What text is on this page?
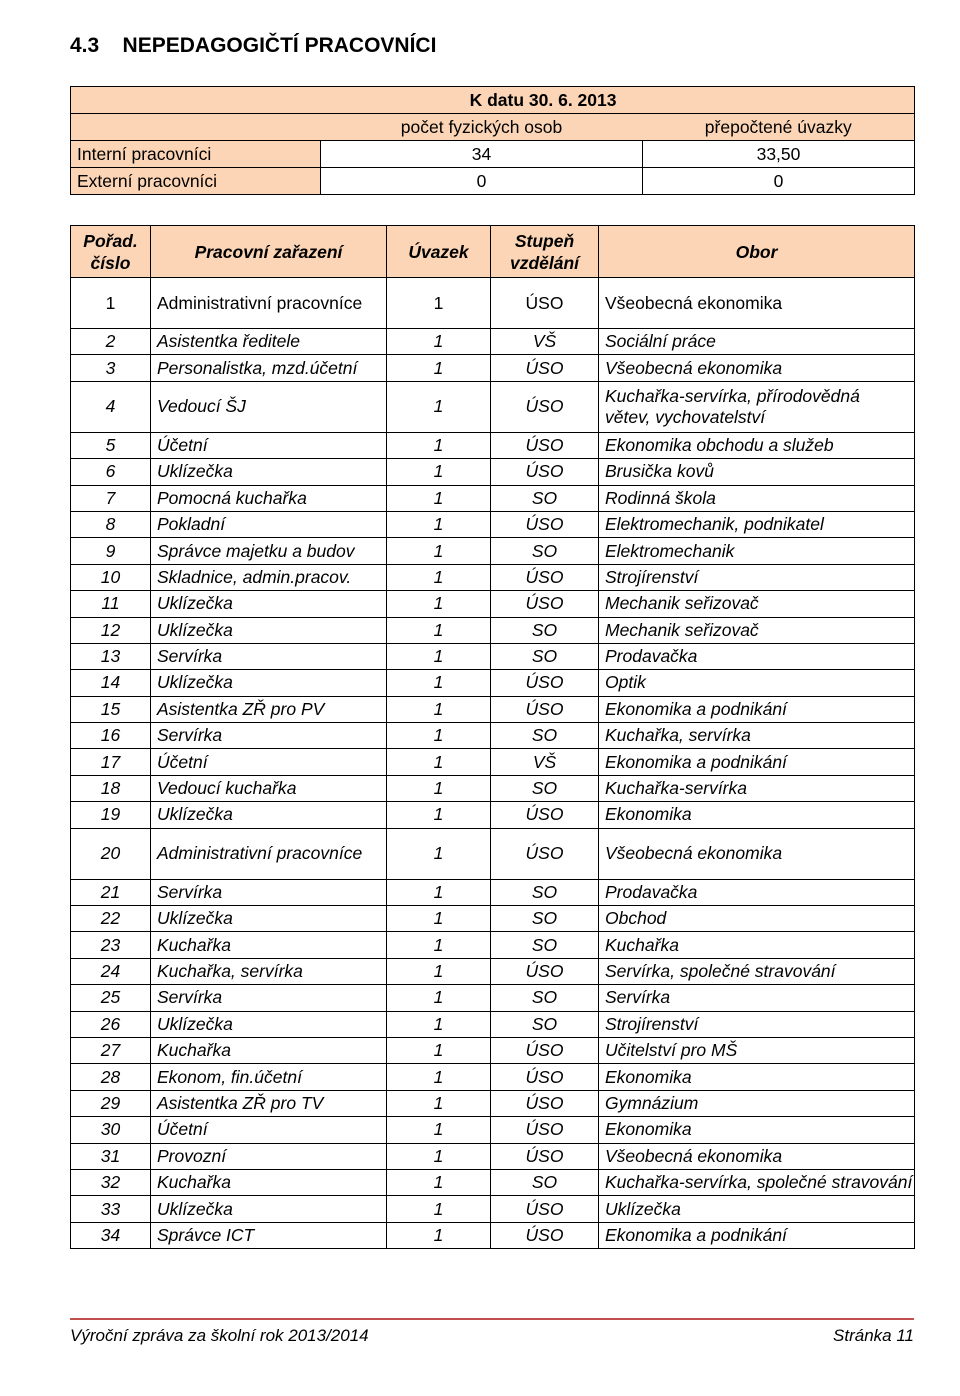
4.3 NEPEDAGOGIČTÍ PRACOVNÍCI
	K datu 30. 6. 2013	
	počet fyzických osob	přepočtené úvazky
Interní pracovníci	34	33,50
Externí pracovníci	0	0
Pořad. číslo	Pracovní zařazení	Úvazek	Stupeň vzdělání	Obor
1	Administrativní pracovníce	1	ÚSO	Všeobecná ekonomika
2	Asistentka ředitele	1	VŠ	Sociální práce
3	Personalistka, mzd.účetní	1	ÚSO	Všeobecná ekonomika
4	Vedoucí ŠJ	1	ÚSO	Kuchařka-servírka, přírodovědná větev, vychovatelství
5	Účetní	1	ÚSO	Ekonomika obchodu a služeb
6	Uklízečka	1	ÚSO	Brusička kovů
7	Pomocná kuchařka	1	SO	Rodinná škola
8	Pokladní	1	ÚSO	Elektromechanik, podnikatel
9	Správce majetku a budov	1	SO	Elektromechanik
10	Skladnice, admin.pracov.	1	ÚSO	Strojírenství
11	Uklízečka	1	ÚSO	Mechanik seřizovač
12	Uklízečka	1	SO	Mechanik seřizovač
13	Servírka	1	SO	Prodavačka
14	Uklízečka	1	ÚSO	Optik
15	Asistentka ZŘ pro PV	1	ÚSO	Ekonomika a podnikání
16	Servírka	1	SO	Kuchařka, servírka
17	Účetní	1	VŠ	Ekonomika a podnikání
18	Vedoucí kuchařka	1	SO	Kuchařka-servírka
19	Uklízečka	1	ÚSO	Ekonomika
20	Administrativní pracovníce	1	ÚSO	Všeobecná ekonomika
21	Servírka	1	SO	Prodavačka
22	Uklízečka	1	SO	Obchod
23	Kuchařka	1	SO	Kuchařka
24	Kuchařka, servírka	1	ÚSO	Servírka, společné stravování
25	Servírka	1	SO	Servírka
26	Uklízečka	1	SO	Strojírenství
27	Kuchařka	1	ÚSO	Učitelství pro MŠ
28	Ekonom, fin.účetní	1	ÚSO	Ekonomika
29	Asistentka ZŘ pro TV	1	ÚSO	Gymnázium
30	Účetní	1	ÚSO	Ekonomika
31	Provozní	1	ÚSO	Všeobecná ekonomika
32	Kuchařka	1	SO	Kuchařka-servírka, společné stravování
33	Uklízečka	1	ÚSO	Uklízečka
34	Správce ICT	1	ÚSO	Ekonomika a podnikání
Výroční zpráva za školní rok 2013/2014	Stránka 11
